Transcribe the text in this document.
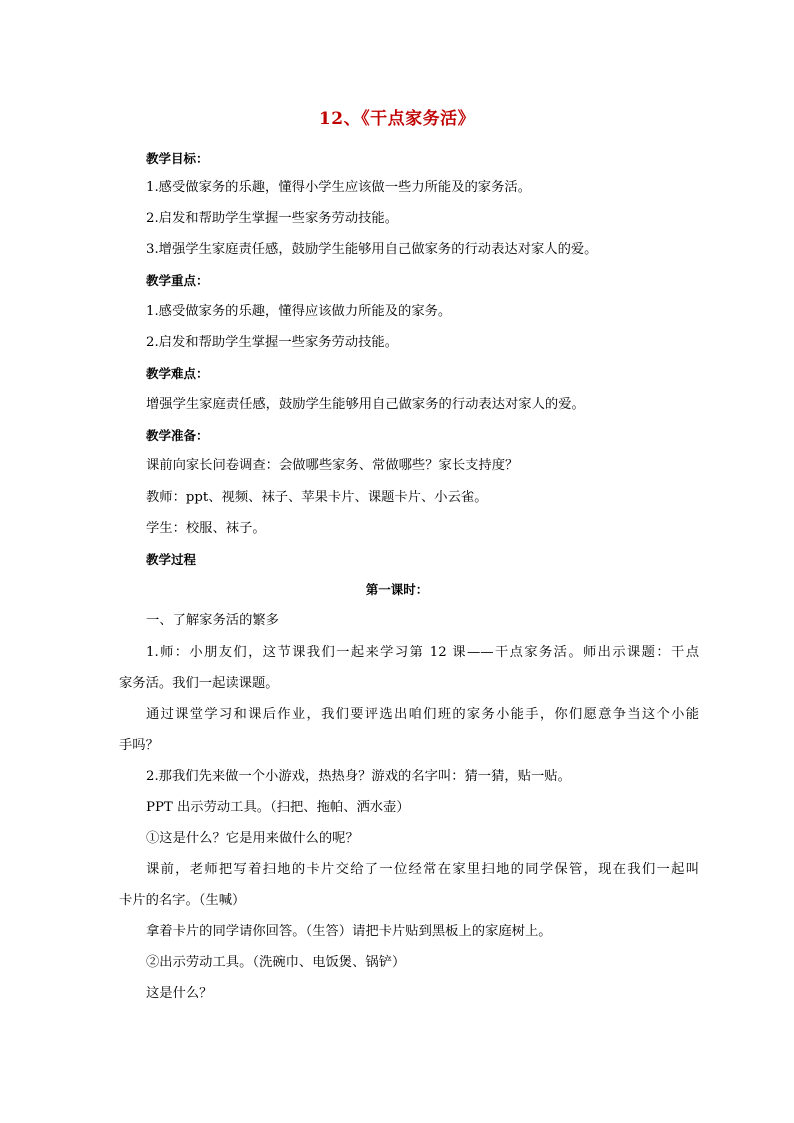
12、《干点家务活》
教学目标：
1.感受做家务的乐趣，懂得小学生应该做一些力所能及的家务活。
2.启发和帮助学生掌握一些家务劳动技能。
3.增强学生家庭责任感，鼓励学生能够用自己做家务的行动表达对家人的爱。
教学重点：
1.感受做家务的乐趣，懂得应该做力所能及的家务。
2.启发和帮助学生掌握一些家务劳动技能。
教学难点：
增强学生家庭责任感，鼓励学生能够用自己做家务的行动表达对家人的爱。
教学准备：
课前向家长问卷调查：会做哪些家务、常做哪些？家长支持度？
教师：ppt、视频、袜子、苹果卡片、课题卡片、小云雀。
学生：校服、袜子。
教学过程
第一课时：
一、了解家务活的繁多
1.师：小朋友们，这节课我们一起来学习第 12 课——干点家务活。师出示课题：干点
家务活。我们一起读课题。
通过课堂学习和课后作业，我们要评选出咱们班的家务小能手，你们愿意争当这个小能
手吗？
2.那我们先来做一个小游戏，热热身？游戏的名字叫：猜一猜，贴一贴。
PPT 出示劳动工具。（扫把、拖帕、洒水壶）
①这是什么？它是用来做什么的呢？
课前，老师把写着扫地的卡片交给了一位经常在家里扫地的同学保管，现在我们一起叫
卡片的名字。（生喊）
拿着卡片的同学请你回答。（生答）请把卡片贴到黑板上的家庭树上。
②出示劳动工具。（洗碗巾、电饭煲、锅铲）
这是什么？
